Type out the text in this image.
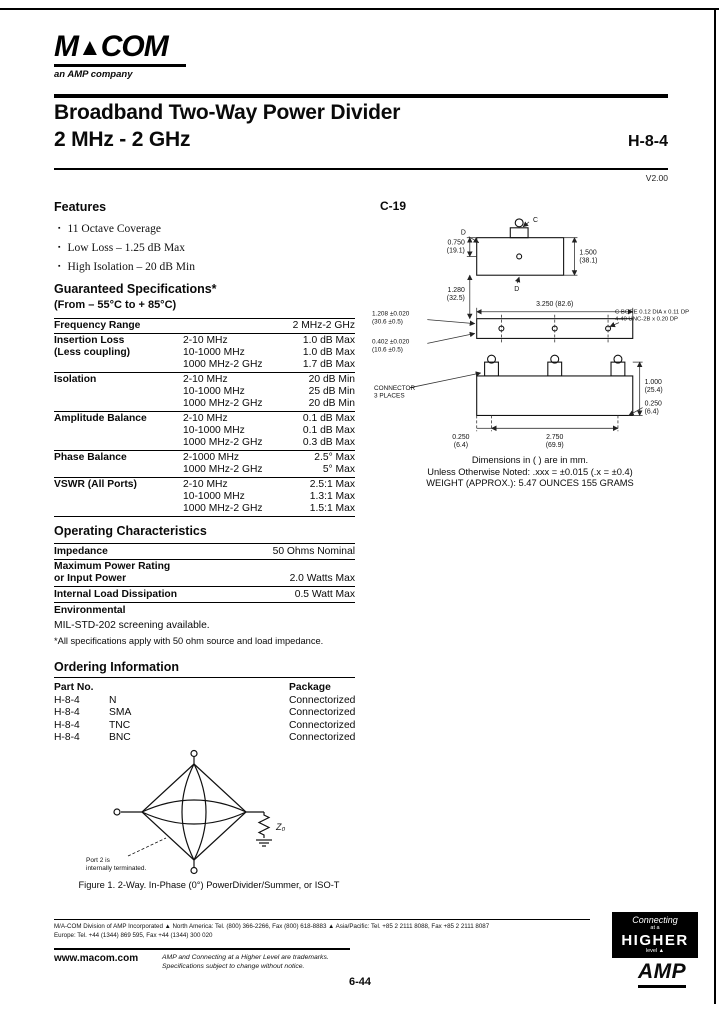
M▲COM
an AMP company
Broadband Two-Way Power Divider
2 MHz - 2 GHz	H-8-4
V2.00
Features
▪ 11 Octave Coverage
▪ Low Loss – 1.25 dB Max
▪ High Isolation – 20 dB Min
Guaranteed Specifications*
(From – 55°C to + 85°C)
Frequency Range	2 MHz-2 GHz
Insertion Loss
(Less coupling)
2-10 MHz	1.0 dB Max
10-1000 MHz	1.0 dB Max
1000 MHz-2 GHz	1.7 dB Max
Isolation	2-10 MHz	20 dB Min
10-1000 MHz	25 dB Min
1000 MHz-2 GHz	20 dB Min
Amplitude Balance	2-10 MHz	0.1 dB Max
10-1000 MHz	0.1 dB Max
1000 MHz-2 GHz	0.3 dB Max
Phase Balance	2-1000 MHz	2.5° Max
1000 MHz-2 GHz	5° Max
VSWR (All Ports)	2-10 MHz	2.5:1 Max
10-1000 MHz	1.3:1 Max
1000 MHz-2 GHz	1.5:1 Max
Operating Characteristics
Impedance	50 Ohms Nominal
Maximum Power Rating
or Input Power	2.0 Watts Max
Internal Load Dissipation	0.5 Watt Max
Environmental
MIL-STD-202 screening available.
*All specifications apply with 50 ohm source and load impedance.
Ordering Information
Part No.	Package
H-8-4	N	Connectorized
H-8-4	SMA	Connectorized
H-8-4	TNC	Connectorized
H-8-4	BNC	Connectorized
Z₀
Port 2 is
internally terminated.
Figure 1. 2-Way. In-Phase (0°) PowerDivider/Summer, or ISO-T
C-19
C
D
D
0.750
(19.1)	1.500
(38.1)
1.280
(32.5)
3.250 (82.6)
1.208 ±0.020
(30.6 ±0.5)
0.402 ±0.020
(10.6 ±0.5)
C BORE 0.12 DIA x 0.11 DP
4-40 UNC-2B x 0.20 DP
CONNECTOR
3 PLACES
1.000
(25.4)
0.250
(6.4)
2.750
(69.9)
0.250
(6.4)
Dimensions in ( ) are in mm.
Unless Otherwise Noted: .xxx = ±0.015 (.x = ±0.4)
WEIGHT (APPROX.): 5.47 OUNCES 155 GRAMS
M/A-COM Division of AMP Incorporated ▲ North America: Tel. (800) 366-2266, Fax (800) 618-8883 ▲ Asia/Pacific: Tel. +85 2 2111 8088, Fax +85 2 2111 8087
Europe: Tel. +44 (1344) 869 595, Fax +44 (1344) 300 020
www.macom.com	AMP and Connecting at a Higher Level are trademarks.
Specifications subject to change without notice.
Connecting
at a
HIGHER
level ▲
AMP
6-44
